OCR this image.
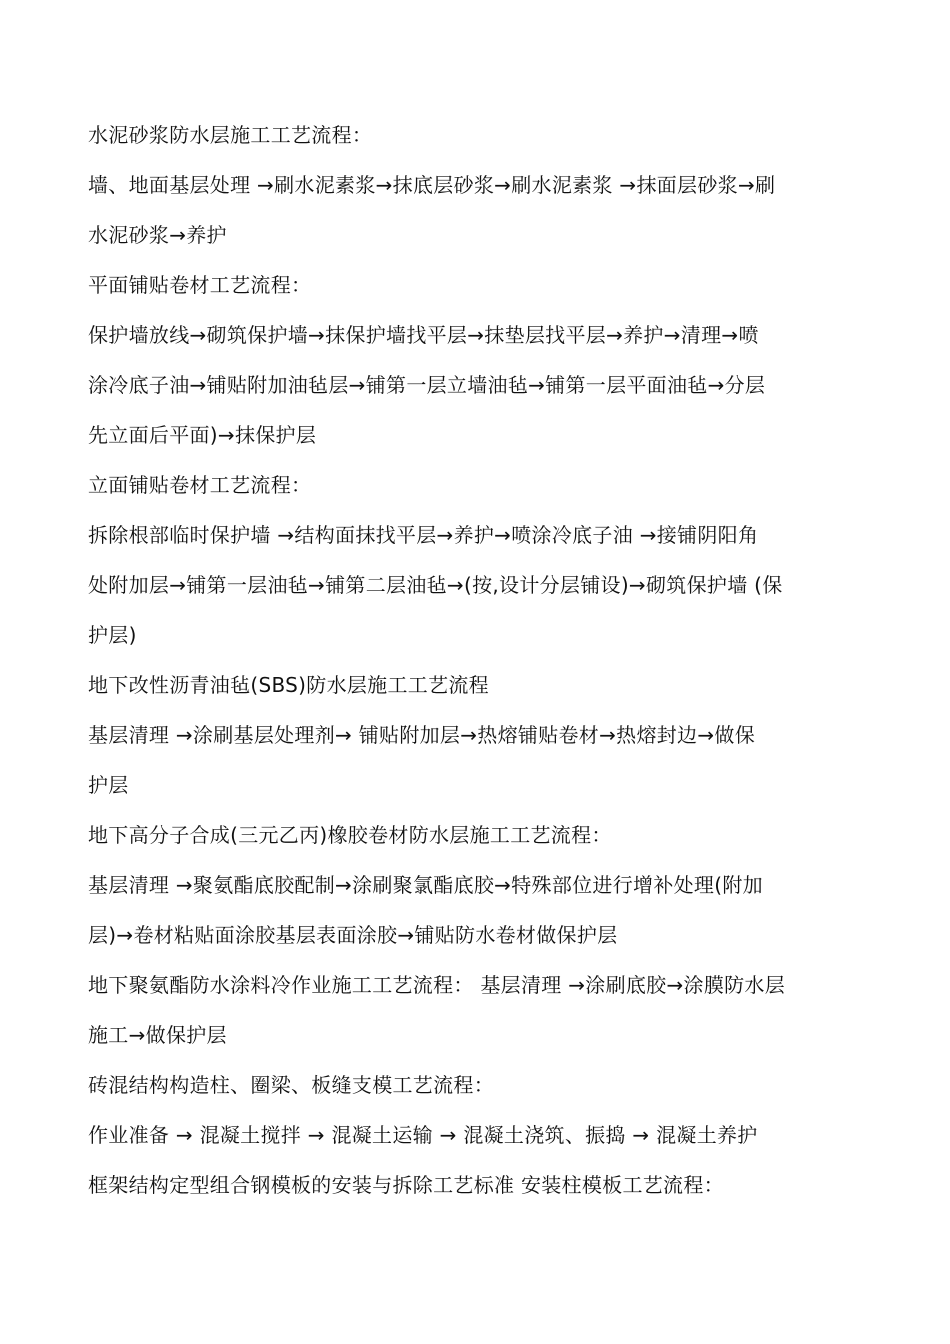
水泥砂浆防水层施工工艺流程：
墙、地面基层处理 →刷水泥素浆→抹底层砂浆→刷水泥素浆 →抹面层砂浆→刷
水泥砂浆→养护
平面铺贴卷材工艺流程：
保护墙放线→砌筑保护墙→抹保护墙找平层→抹垫层找平层→养护→清理→喷
涂冷底子油→铺贴附加油毡层→铺第一层立墙油毡→铺第一层平面油毡→分层
先立面后平面)→抹保护层
立面铺贴卷材工艺流程：
拆除根部临时保护墙 →结构面抹找平层→养护→喷涂冷底子油 →接铺阴阳角
处附加层→铺第一层油毡→铺第二层油毡→(按,设计分层铺设)→砌筑保护墙 (保
护层)
地下改性沥青油毡(SBS)防水层施工工艺流程
基层清理 →涂刷基层处理剂→ 铺贴附加层→热熔铺贴卷材→热熔封边→做保
护层
地下高分子合成(三元乙丙)橡胶卷材防水层施工工艺流程：
基层清理 →聚氨酯底胶配制→涂刷聚氯酯底胶→特殊部位进行增补处理(附加
层)→卷材粘贴面涂胶基层表面涂胶→铺贴防水卷材做保护层
地下聚氨酯防水涂料冷作业施工工艺流程： 基层清理 →涂刷底胶→涂膜防水层
施工→做保护层
砖混结构构造柱、圈梁、板缝支模工艺流程：
作业准备 → 混凝土搅拌 → 混凝土运输 → 混凝土浇筑、振捣 → 混凝土养护
框架结构定型组合钢模板的安装与拆除工艺标准 安装柱模板工艺流程：
